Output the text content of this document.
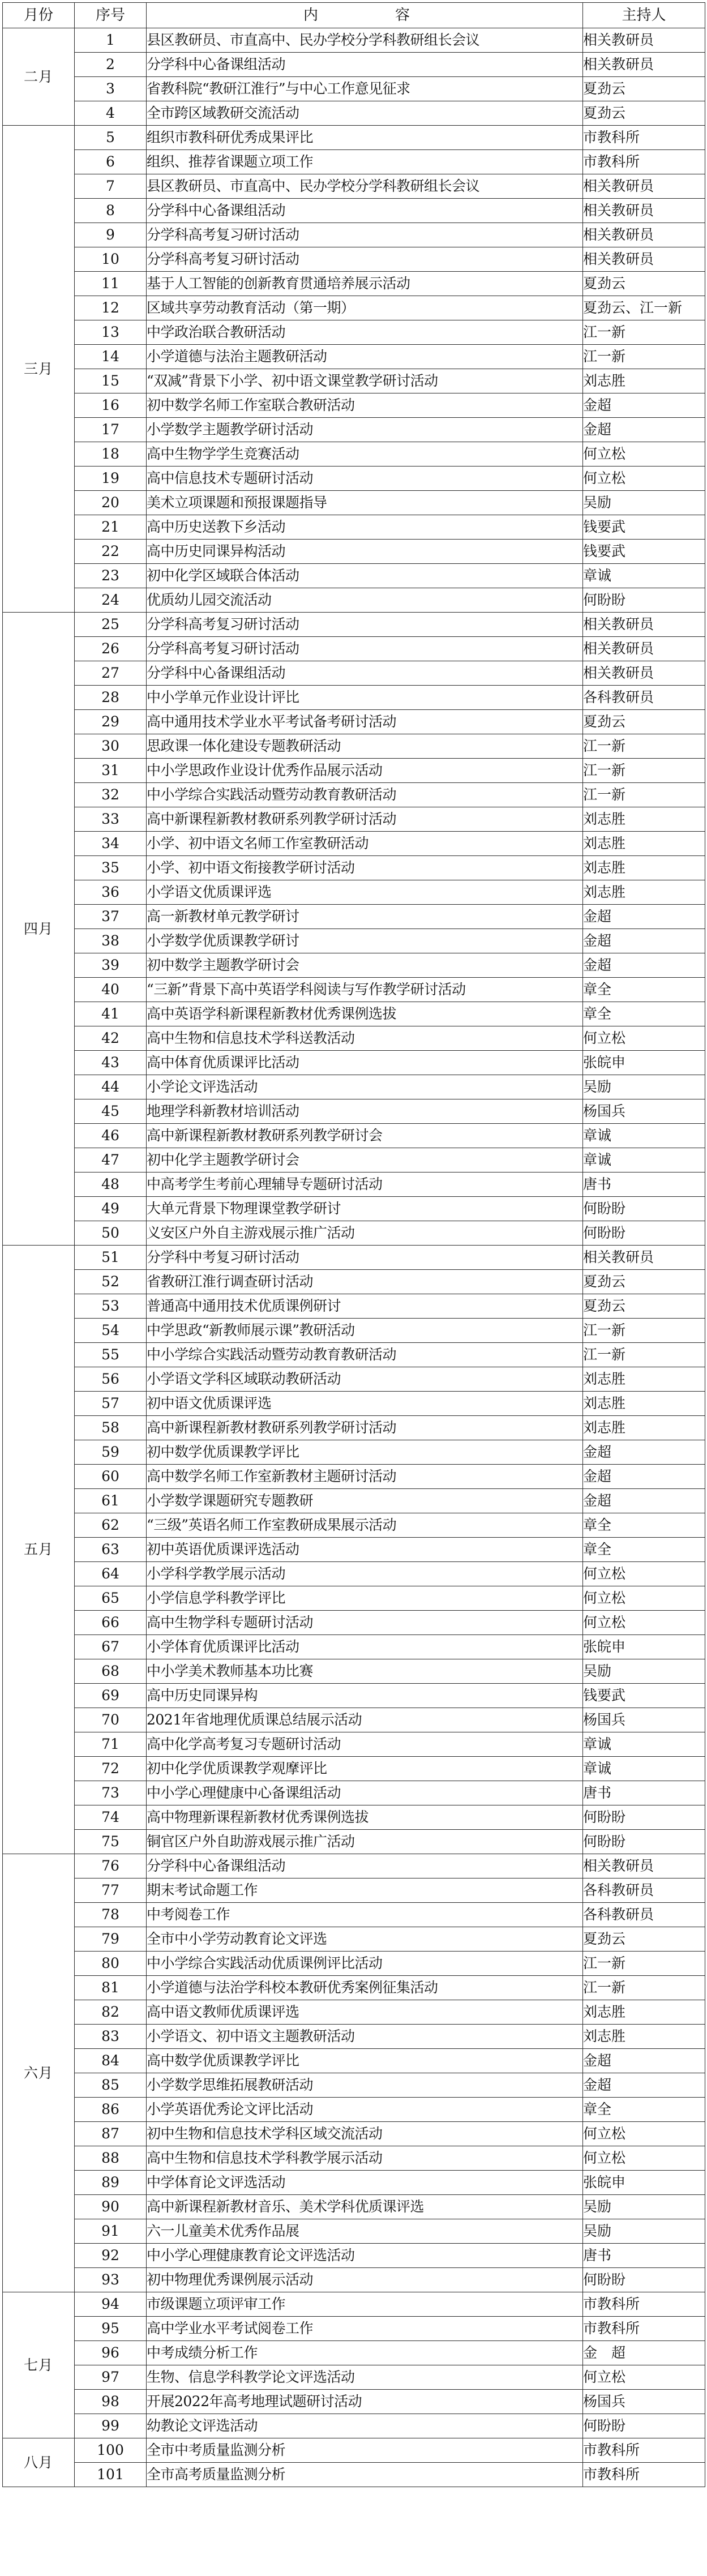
月份	序号	内　　容	主持人
二月	1	县区教研员、市直高中、民办学校分学科教研组长会议	相关教研员
	2	分学科中心备课组活动	相关教研员
	3	省教科院“教研江淮行”与中心工作意见征求	夏劲云
	4	全市跨区域教研交流活动	夏劲云
三月	5	组织市教科研优秀成果评比	市教科所
	6	组织、推荐省课题立项工作	市教科所
	7	县区教研员、市直高中、民办学校分学科教研组长会议	相关教研员
	8	分学科中心备课组活动	相关教研员
	9	分学科高考复习研讨活动	相关教研员
	10	分学科高考复习研讨活动	相关教研员
	11	基于人工智能的创新教育贯通培养展示活动	夏劲云
	12	区域共享劳动教育活动（第一期）	夏劲云、江一新
	13	中学政治联合教研活动	江一新
	14	小学道德与法治主题教研活动	江一新
	15	“双减”背景下小学、初中语文课堂教学研讨活动	刘志胜
	16	初中数学名师工作室联合教研活动	金超
	17	小学数学主题教学研讨活动	金超
	18	高中生物学学生竞赛活动	何立松
	19	高中信息技术专题研讨活动	何立松
	20	美术立项课题和预报课题指导	吴励
	21	高中历史送教下乡活动	钱要武
	22	高中历史同课异构活动	钱要武
	23	初中化学区域联合体活动	章诚
	24	优质幼儿园交流活动	何盼盼
四月	25	分学科高考复习研讨活动	相关教研员
	26	分学科高考复习研讨活动	相关教研员
	27	分学科中心备课组活动	相关教研员
	28	中小学单元作业设计评比	各科教研员
	29	高中通用技术学业水平考试备考研讨活动	夏劲云
	30	思政课一体化建设专题教研活动	江一新
	31	中小学思政作业设计优秀作品展示活动	江一新
	32	中小学综合实践活动暨劳动教育教研活动	江一新
	33	高中新课程新教材教研系列教学研讨活动	刘志胜
	34	小学、初中语文名师工作室教研活动	刘志胜
	35	小学、初中语文衔接教学研讨活动	刘志胜
	36	小学语文优质课评选	刘志胜
	37	高一新教材单元教学研讨	金超
	38	小学数学优质课教学研讨	金超
	39	初中数学主题教学研讨会	金超
	40	“三新”背景下高中英语学科阅读与写作教学研讨活动	章全
	41	高中英语学科新课程新教材优秀课例选拔	章全
	42	高中生物和信息技术学科送教活动	何立松
	43	高中体育优质课评比活动	张皖申
	44	小学论文评选活动	吴励
	45	地理学科新教材培训活动	杨国兵
	46	高中新课程新教材教研系列教学研讨会	章诚
	47	初中化学主题教学研讨会	章诚
	48	中高考学生考前心理辅导专题研讨活动	唐书
	49	大单元背景下物理课堂教学研讨	何盼盼
	50	义安区户外自主游戏展示推广活动	何盼盼
五月	51	分学科中考复习研讨活动	相关教研员
	52	省教研江淮行调查研讨活动	夏劲云
	53	普通高中通用技术优质课例研讨	夏劲云
	54	中学思政“新教师展示课”教研活动	江一新
	55	中小学综合实践活动暨劳动教育教研活动	江一新
	56	小学语文学科区域联动教研活动	刘志胜
	57	初中语文优质课评选	刘志胜
	58	高中新课程新教材教研系列教学研讨活动	刘志胜
	59	初中数学优质课教学评比	金超
	60	高中数学名师工作室新教材主题研讨活动	金超
	61	小学数学课题研究专题教研	金超
	62	“三级”英语名师工作室教研成果展示活动	章全
	63	初中英语优质课评选活动	章全
	64	小学科学教学展示活动	何立松
	65	小学信息学科教学评比	何立松
	66	高中生物学科专题研讨活动	何立松
	67	小学体育优质课评比活动	张皖申
	68	中小学美术教师基本功比赛	吴励
	69	高中历史同课异构	钱要武
	70	2021年省地理优质课总结展示活动	杨国兵
	71	高中化学高考复习专题研讨活动	章诚
	72	初中化学优质课教学观摩评比	章诚
	73	中小学心理健康中心备课组活动	唐书
	74	高中物理新课程新教材优秀课例选拔	何盼盼
	75	铜官区户外自助游戏展示推广活动	何盼盼
六月	76	分学科中心备课组活动	相关教研员
	77	期末考试命题工作	各科教研员
	78	中考阅卷工作	各科教研员
	79	全市中小学劳动教育论文评选	夏劲云
	80	中小学综合实践活动优质课例评比活动	江一新
	81	小学道德与法治学科校本教研优秀案例征集活动	江一新
	82	高中语文教师优质课评选	刘志胜
	83	小学语文、初中语文主题教研活动	刘志胜
	84	高中数学优质课教学评比	金超
	85	小学数学思维拓展教研活动	金超
	86	小学英语优秀论文评比活动	章全
	87	初中生物和信息技术学科区域交流活动	何立松
	88	高中生物和信息技术学科教学展示活动	何立松
	89	中学体育论文评选活动	张皖申
	90	高中新课程新教材音乐、美术学科优质课评选	吴励
	91	六一儿童美术优秀作品展	吴励
	92	中小学心理健康教育论文评选活动	唐书
	93	初中物理优秀课例展示活动	何盼盼
七月	94	市级课题立项评审工作	市教科所
	95	高中学业水平考试阅卷工作	市教科所
	96	中考成绩分析工作	金　超
	97	生物、信息学科教学论文评选活动	何立松
	98	开展2022年高考地理试题研讨活动	杨国兵
	99	幼教论文评选活动	何盼盼
八月	100	全市中考质量监测分析	市教科所
	101	全市高考质量监测分析	市教科所
